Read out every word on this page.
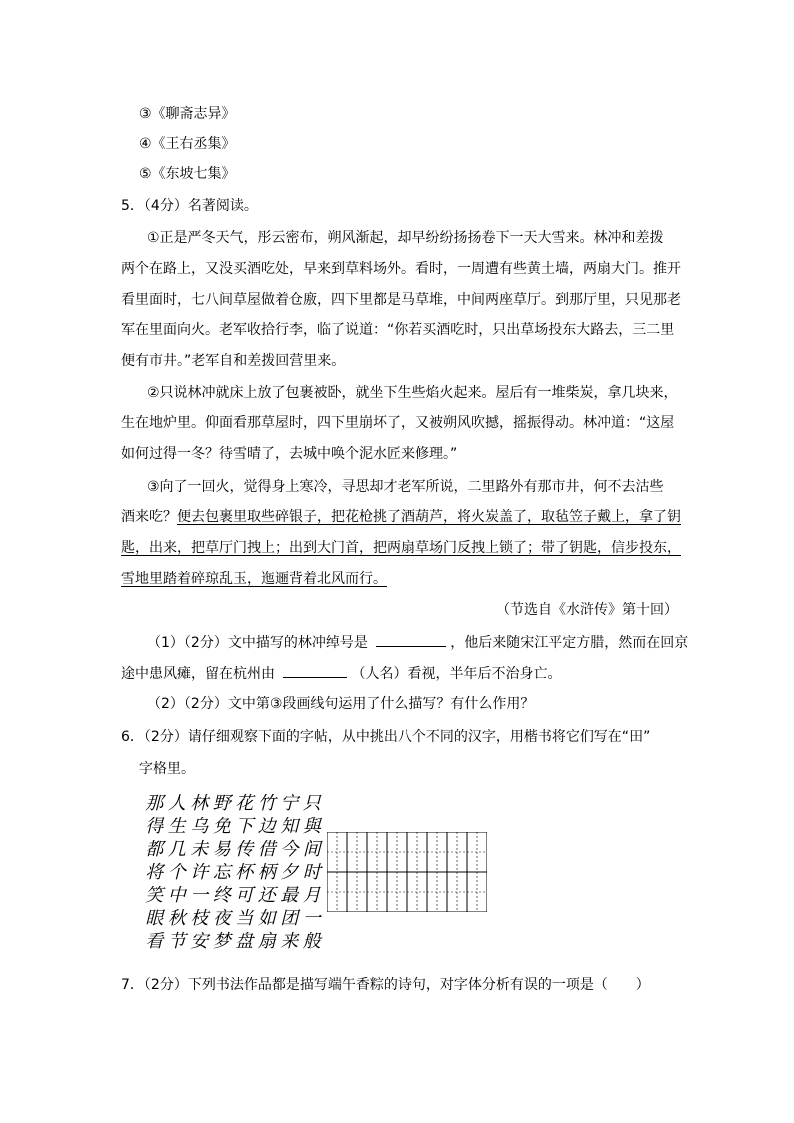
③《聊斋志异》
④《王右丞集》
⑤《东坡七集》
5．（4分）名著阅读。
①正是严冬天气，彤云密布，朔风渐起，却早纷纷扬扬卷下一天大雪来。林冲和差拨
两个在路上，又没买酒吃处，早来到草料场外。看时，一周遭有些黄土墙，两扇大门。推开
看里面时，七八间草屋做着仓廒，四下里都是马草堆，中间两座草厅。到那厅里，只见那老
军在里面向火。老军收拾行李，临了说道：“你若买酒吃时，只出草场投东大路去，三二里
便有市井。”老军自和差拨回营里来。
②只说林冲就床上放了包裹被卧，就坐下生些焰火起来。屋后有一堆柴炭，拿几块来，
生在地炉里。仰面看那草屋时，四下里崩坏了，又被朔风吹撼，摇振得动。林冲道：“这屋
如何过得一冬？待雪晴了，去城中唤个泥水匠来修理。”
③向了一回火，觉得身上寒冷，寻思却才老军所说，二里路外有那市井，何不去沽些
酒来吃？便去包裹里取些碎银子，把花枪挑了酒葫芦，将火炭盖了，取毡笠子戴上，拿了钥
匙，出来，把草厅门拽上；出到大门首，把两扇草场门反拽上锁了；带了钥匙，信步投东，
雪地里踏着碎琼乱玉，迤逦背着北风而行。
（节选自《水浒传》第十回）
（1）（2分）文中描写的林冲绰号是	，他后来随宋江平定方腊，然而在回京
途中患风瘫，留在杭州由	（人名）看视，半年后不治身亡。
（2）（2分）文中第③段画线句运用了什么描写？有什么作用？
6．（2分）请仔细观察下面的字帖，从中挑出八个不同的汉字，用楷书将它们写在“田”
字格里。
那 人 林 野 花 竹 宁 只
得 生 乌 免 下 边 知 與
都 几 未 易 传 借 今 间
将 个 许 忘 杯 柄 夕 时
笑 中 一 终 可 还 最 月
眼 秋 枝 夜 当 如 团 一
看 节 安 梦 盘 扇 来 般
7．（2分）下列书法作品都是描写端午香粽的诗句，对字体分析有误的一项是（　　）
